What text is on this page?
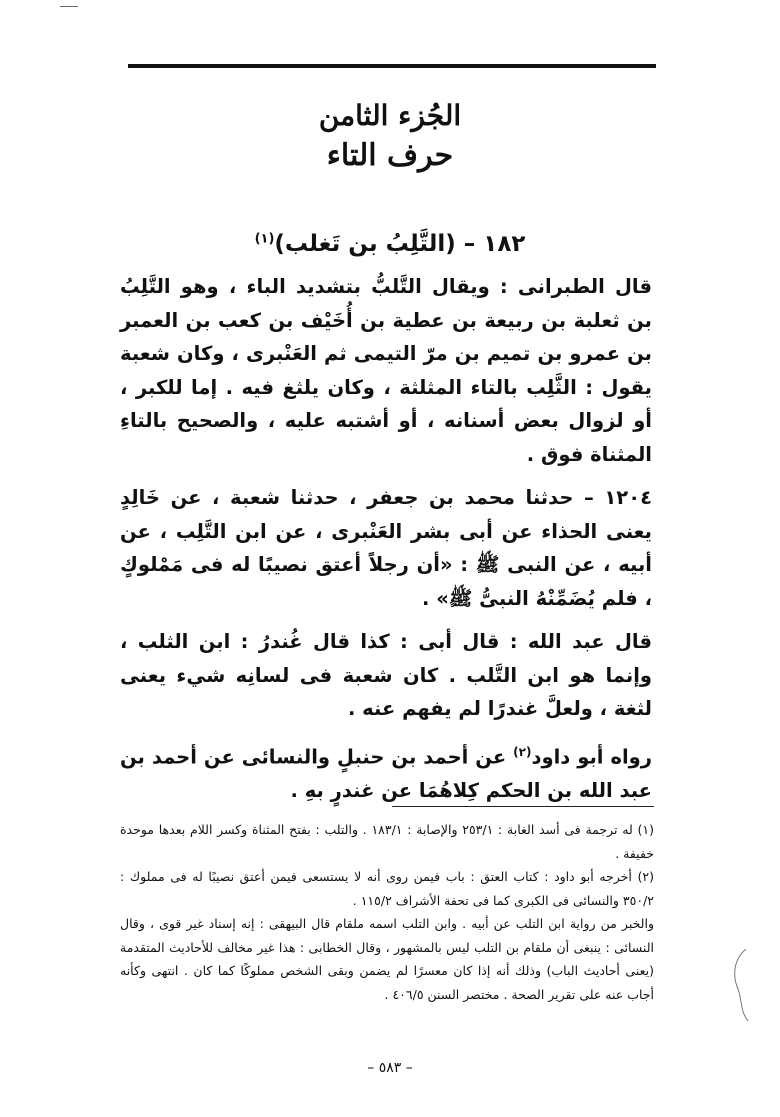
الجُزء الثامن
حرف التاء
١٨٢ – (التَّلِبُ بن تَغلب)$^{(١)}$

قال الطبرانى : ويقال التَّلبُّ بتشديد الباء ، وهو التَّلِبُ بن ثعلبة بن ربيعة بن عطية بن أُخَيْف بن كعب بن العمبر بن عمرو بن تميم بن مرّ التيمى ثم العَنْبرى ، وكان شعبة يقول : الثَّلِب بالتاء المثلثة ، وكان يلثغ فيه . إما للكبر ، أو لزوال بعض أسنانه ، أو أشتبه عليه ، والصحيح بالتاءِ المثناة فوق .

١٢٠٤ – حدثنا محمد بن جعفر ، حدثنا شعبة ، عن خَالِدٍ يعنى الحذاء عن أبى بشر العَنْبرى ، عن ابن التَّلِب ، عن أبيه ، عن النبى ﷺ : «أن رجلاً أعتق نصيبًا له فى مَمْلوكٍ ، فلم يُضَمِّنْهُ النبىُّ ﷺ» .

قال عبد الله : قال أبى : كذا قال غُندرُ : ابن الثلب ، وإنما هو ابن التَّلب . كان شعبة فى لسانِه شيء يعنى لثغة ، ولعلَّ غندرًا لم يفهم عنه .

رواه أبو داود$^{(٢)}$ عن أحمد بن حنبلٍ والنسائى عن أحمد بن عبد الله بن الحكم كِلاهُمَا عن غندرٍ بهِ .

(١) له ترجمة فى أسد الغابة : ٢٥٣/١ والإصابة : ١٨٣/١ . والتلب : بفتح المثناة وكسر اللام بعدها موحدة خفيفة .

(٢) أخرجه أبو داود : كتاب العتق : باب فيمن روى أنه لا يستسعى فيمن أعتق نصيبًا له فى مملوك : ٣٥٠/٢ والنسائى فى الكبرى كما فى تحفة الأشراف ١١٥/٢ .

والخبر من رواية ابن التلب عن أبيه . وابن التلب اسمه ملقام قال البيهقى : إنه إسناد غير قوى ، وقال النسائى : ينبغى أن ملقام بن التلب ليس بالمشهور ، وقال الخطابى : هذا غير مخالف للأحاديث المتقدمة (يعنى أحاديث الباب) وذلك أنه إذا كان معسرًا لم يضمن وبقى الشخص مملوكًا كما كان . انتهى وكأنه أجاب عنه على تقرير الصحة . مختصر السنن ٤٠٦/٥ .

– ٥٨٣ –
